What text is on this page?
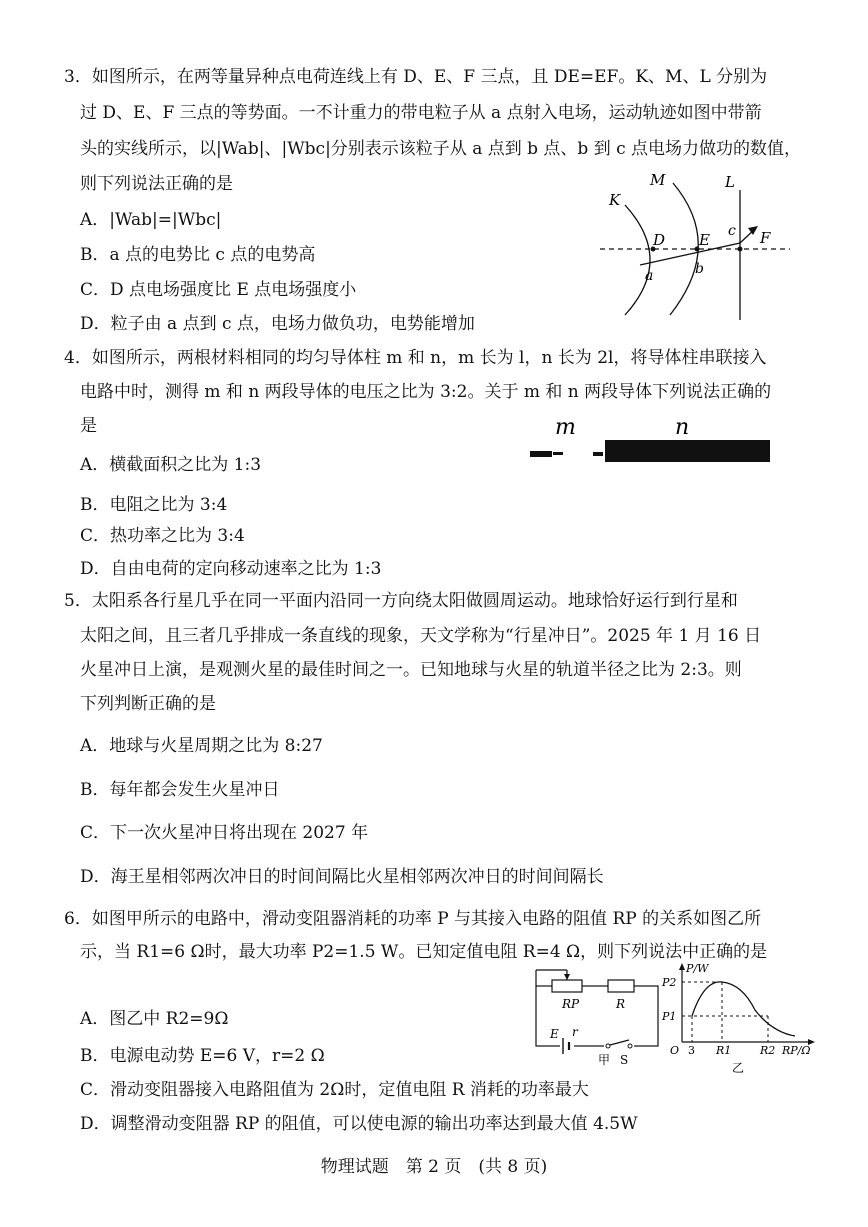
3．如图所示，在两等量异种点电荷连线上有 D、E、F 三点，且 DE=EF。K、M、L 分别为
过 D、E、F 三点的等势面。一不计重力的带电粒子从 a 点射入电场，运动轨迹如图中带箭
头的实线所示，以|Wab|、|Wbc|分别表示该粒子从 a 点到 b 点、b 到 c 点电场力做功的数值，
则下列说法正确的是
A．|Wab|=|Wbc|
B．a 点的电势比 c 点的电势高
C．D 点电场强度比 E 点电场强度小
D．粒子由 a 点到 c 点，电场力做负功，电势能增加
K
M	L
D E	F
a	b
c
4．如图所示，两根材料相同的均匀导体柱 m 和 n，m 长为 l，n 长为 2l，将导体柱串联接入
电路中时，测得 m 和 n 两段导体的电压之比为 3:2。关于 m 和 n 两段导体下列说法正确的
是
A．横截面积之比为 1:3
B．电阻之比为 3:4
C．热功率之比为 3:4
D．自由电荷的定向移动速率之比为 1:3
m	n
5．太阳系各行星几乎在同一平面内沿同一方向绕太阳做圆周运动。地球恰好运行到行星和
太阳之间，且三者几乎排成一条直线的现象，天文学称为“行星冲日”。2025 年 1 月 16 日
火星冲日上演，是观测火星的最佳时间之一。已知地球与火星的轨道半径之比为 2:3。则
下列判断正确的是
A．地球与火星周期之比为 8:27
B．每年都会发生火星冲日
C．下一次火星冲日将出现在 2027 年
D．海王星相邻两次冲日的时间间隔比火星相邻两次冲日的时间间隔长
6．如图甲所示的电路中，滑动变阻器消耗的功率 P 与其接入电路的阻值 RP 的关系如图乙所
示，当 R1=6 Ω时，最大功率 P2=1.5 W。已知定值电阻 R=4 Ω，则下列说法中正确的是
A．图乙中 R2=9Ω
B．电源电动势 E=6 V，r=2 Ω
C．滑动变阻器接入电路阻值为 2Ω时，定值电阻 R 消耗的功率最大
D．调整滑动变阻器 RP 的阻值，可以使电源的输出功率达到最大值 4.5W
RP	R
E r
甲 S
P/W
P2
P1
O 3 R1	R2 RP/Ω
乙
物理试题　第 2 页　(共 8 页)
